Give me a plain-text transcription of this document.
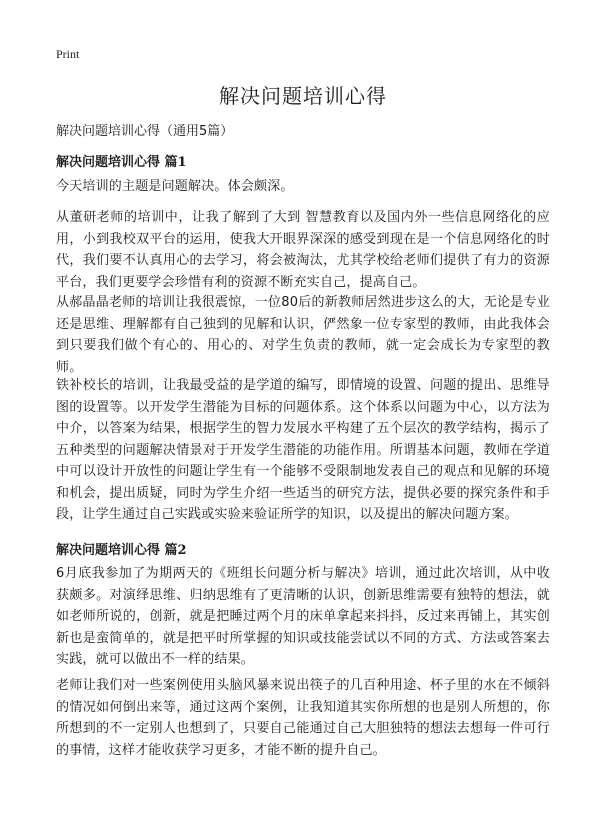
Print
解决问题培训心得

解决问题培训心得（通用5篇）

解决问题培训心得 篇1

今天培训的主题是问题解决。体会颇深。

从董研老师的培训中，让我了解到了大到 智慧教育以及国内外一些信息网络化的应用，小到我校双平台的运用，使我大开眼界深深的感受到现在是一个信息网络化的时代，我们要不认真用心的去学习，将会被淘汰，尤其学校给老师们提供了有力的资源平台，我们更要学会珍惜有利的资源不断充实自己，提高自己。

从郝晶晶老师的培训让我很震惊，一位80后的新教师居然进步这么的大，无论是专业还是思维、理解都有自己独到的见解和认识，俨然象一位专家型的教师，由此我体会到只要我们做个有心的、用心的、对学生负责的教师，就一定会成长为专家型的教师。

铁补校长的培训，让我最受益的是学道的编写，即情境的设置、问题的提出、思维导图的设置等。以开发学生潜能为目标的问题体系。这个体系以问题为中心，以方法为中介，以答案为结果，根据学生的智力发展水平构建了五个层次的教学结构，揭示了五种类型的问题解决情景对于开发学生潜能的功能作用。所谓基本问题，教师在学道中可以设计开放性的问题让学生有一个能够不受限制地发表自己的观点和见解的环境和机会，提出质疑，同时为学生介绍一些适当的研究方法，提供必要的探究条件和手段，让学生通过自己实践或实验来验证所学的知识，以及提出的解决问题方案。

解决问题培训心得 篇2

6月底我参加了为期两天的《班组长问题分析与解决》培训，通过此次培训，从中收获颇多。对演绎思维、归纳思维有了更清晰的认识，创新思维需要有独特的想法，就如老师所说的，创新，就是把睡过两个月的床单拿起来抖抖，反过来再铺上，其实创新也是蛮简单的，就是把平时所掌握的知识或技能尝试以不同的方式、方法或答案去实践，就可以做出不一样的结果。

老师让我们对一些案例使用头脑风暴来说出筷子的几百种用途、杯子里的水在不倾斜的情况如何倒出来等，通过这两个案例，让我知道其实你所想的也是别人所想的，你所想到的不一定别人也想到了，只要自己能通过自己大胆独特的想法去想每一件可行的事情，这样才能收获学习更多，才能不断的提升自己。
